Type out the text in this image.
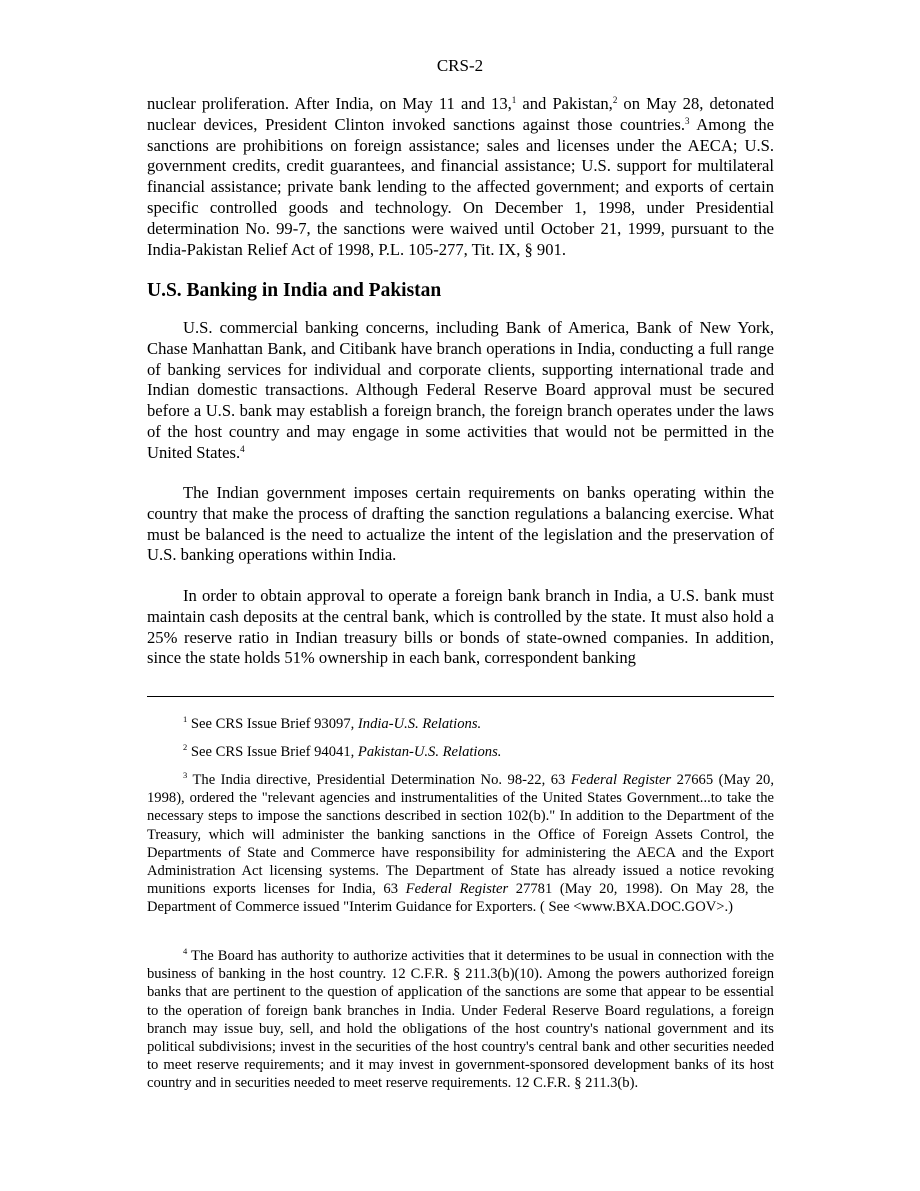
CRS-2

nuclear proliferation. After India, on May 11 and 13,$^1$ and Pakistan,$^2$ on May 28, detonated nuclear devices, President Clinton invoked sanctions against those countries.$^3$ Among the sanctions are prohibitions on foreign assistance; sales and licenses under the AECA; U.S. government credits, credit guarantees, and financial assistance; U.S. support for multilateral financial assistance; private bank lending to the affected government; and exports of certain specific controlled goods and technology. On December 1, 1998, under Presidential determination No. 99-7, the sanctions were waived until October 21, 1999, pursuant to the India-Pakistan Relief Act of 1998, P.L. 105-277, Tit. IX, § 901.

U.S. Banking in India and Pakistan

U.S. commercial banking concerns, including Bank of America, Bank of New York, Chase Manhattan Bank, and Citibank have branch operations in India, conducting a full range of banking services for individual and corporate clients, supporting international trade and Indian domestic transactions. Although Federal Reserve Board approval must be secured before a U.S. bank may establish a foreign branch, the foreign branch operates under the laws of the host country and may engage in some activities that would not be permitted in the United States.$^4$

The Indian government imposes certain requirements on banks operating within the country that make the process of drafting the sanction regulations a balancing exercise. What must be balanced is the need to actualize the intent of the legislation and the preservation of U.S. banking operations within India.

In order to obtain approval to operate a foreign bank branch in India, a U.S. bank must maintain cash deposits at the central bank, which is controlled by the state. It must also hold a 25% reserve ratio in Indian treasury bills or bonds of state-owned companies. In addition, since the state holds 51% ownership in each bank, correspondent banking

$^1$ See CRS Issue Brief 93097, India-U.S. Relations.

$^2$ See CRS Issue Brief 94041, Pakistan-U.S. Relations.

$^3$ The India directive, Presidential Determination No. 98-22, 63 Federal Register 27665 (May 20, 1998), ordered the "relevant agencies and instrumentalities of the United States Government...to take the necessary steps to impose the sanctions described in section 102(b)." In addition to the Department of the Treasury, which will administer the banking sanctions in the Office of Foreign Assets Control, the Departments of State and Commerce have responsibility for administering the AECA and the Export Administration Act licensing systems. The Department of State has already issued a notice revoking munitions exports licenses for India, 63 Federal Register 27781 (May 20, 1998). On May 28, the Department of Commerce issued "Interim Guidance for Exporters. ( See <www.BXA.DOC.GOV>.)

$^4$ The Board has authority to authorize activities that it determines to be usual in connection with the business of banking in the host country. 12 C.F.R. § 211.3(b)(10). Among the powers authorized foreign banks that are pertinent to the question of application of the sanctions are some that appear to be essential to the operation of foreign bank branches in India. Under Federal Reserve Board regulations, a foreign branch may issue buy, sell, and hold the obligations of the host country's national government and its political subdivisions; invest in the securities of the host country's central bank and other securities needed to meet reserve requirements; and it may invest in government-sponsored development banks of its host country and in securities needed to meet reserve requirements. 12 C.F.R. § 211.3(b).
